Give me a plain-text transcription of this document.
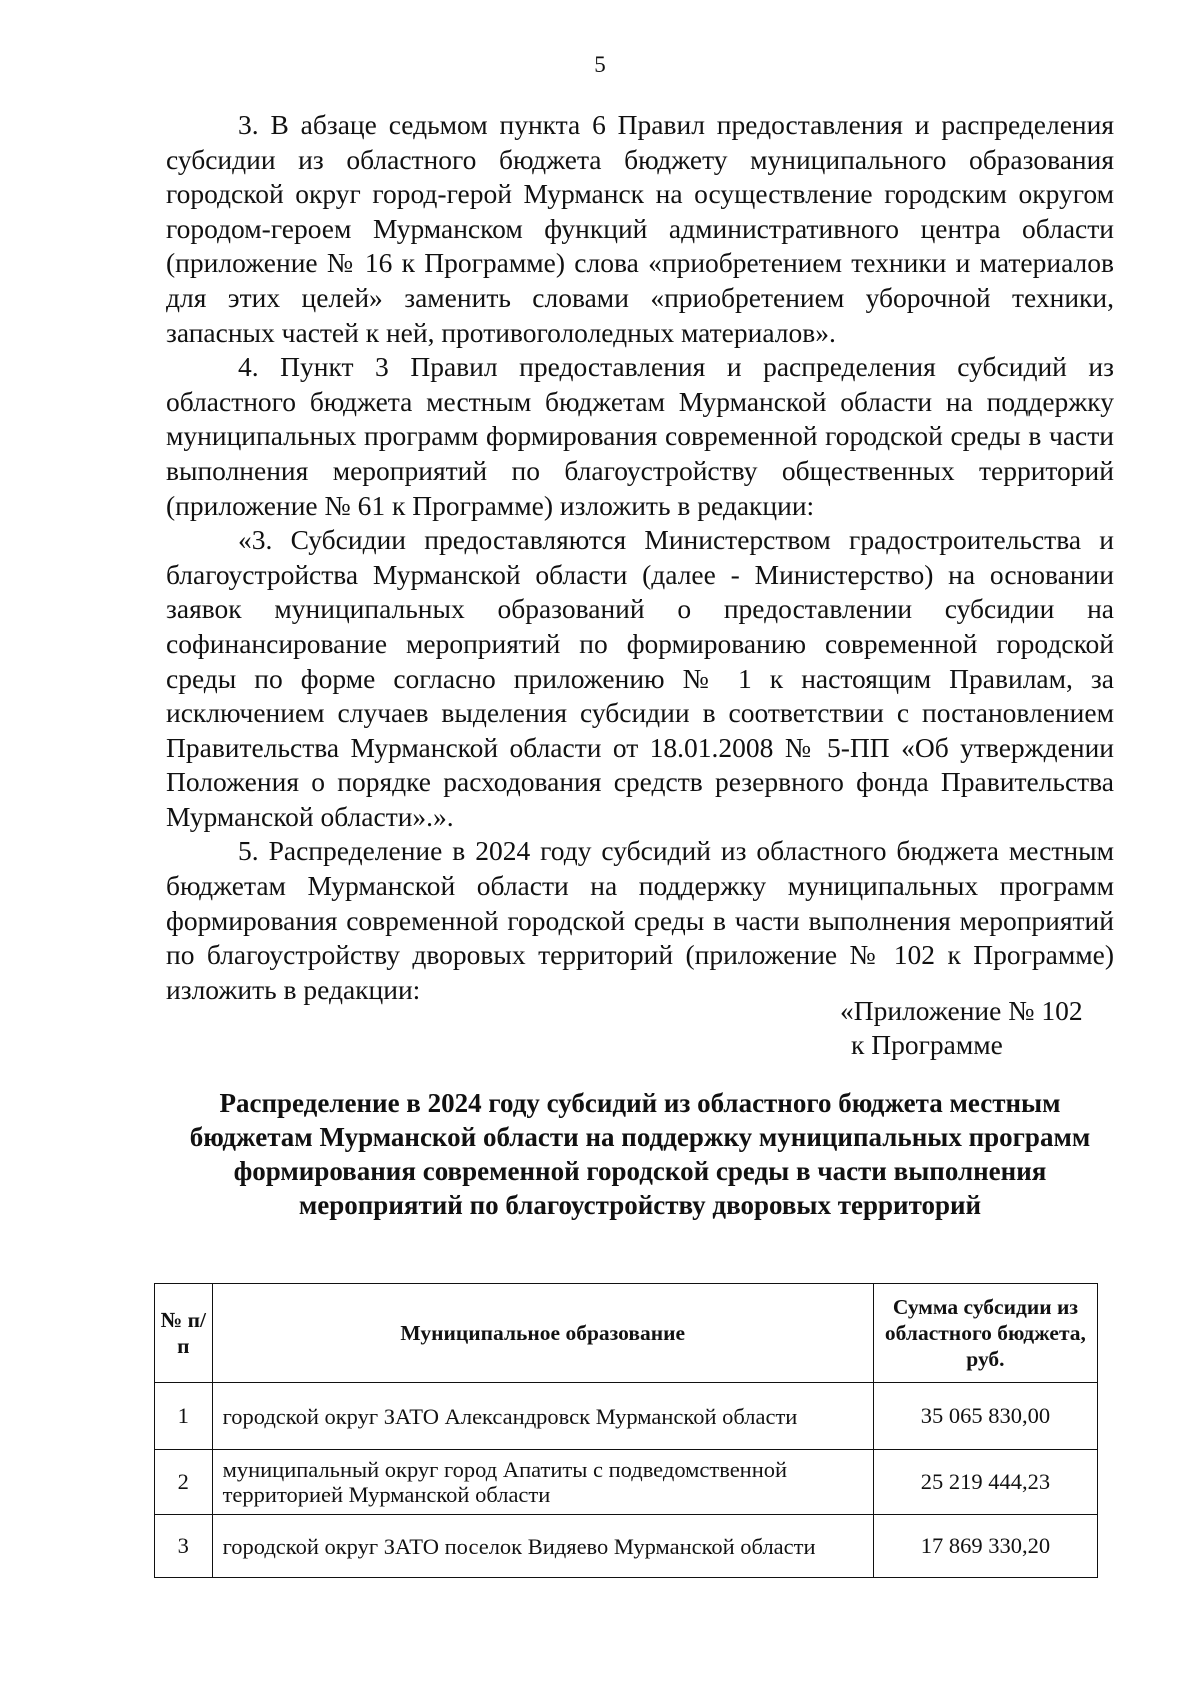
5

3. В абзаце седьмом пункта 6 Правил предоставления и распределения субсидии из областного бюджета бюджету муниципального образования городской округ город-герой Мурманск на осуществление городским округом городом-героем Мурманском функций административного центра области (приложение № 16 к Программе) слова «приобретением техники и материалов для этих целей» заменить словами «приобретением уборочной техники, запасных частей к ней, противогололедных материалов».

4. Пункт 3 Правил предоставления и распределения субсидий из областного бюджета местным бюджетам Мурманской области на поддержку муниципальных программ формирования современной городской среды в части выполнения мероприятий по благоустройству общественных территорий (приложение № 61 к Программе) изложить в редакции:

«3. Субсидии предоставляются Министерством градостроительства и благоустройства Мурманской области (далее - Министерство) на основании заявок муниципальных образований о предоставлении субсидии на софинансирование мероприятий по формированию современной городской среды по форме согласно приложению № 1 к настоящим Правилам, за исключением случаев выделения субсидии в соответствии с постановлением Правительства Мурманской области от 18.01.2008 № 5-ПП «Об утверждении Положения о порядке расходования средств резервного фонда Правительства Мурманской области».».

5. Распределение в 2024 году субсидий из областного бюджета местным бюджетам Мурманской области на поддержку муниципальных программ формирования современной городской среды в части выполнения мероприятий по благоустройству дворовых территорий (приложение № 102 к Программе) изложить в редакции:

«Приложение № 102
к Программе
Распределение в 2024 году субсидий из областного бюджета местным бюджетам Мурманской области на поддержку муниципальных программ формирования современной городской среды в части выполнения мероприятий по благоустройству дворовых территорий
№ п/п	Муниципальное образование	Сумма субсидии из областного бюджета, руб.
1	городской округ ЗАТО Александровск Мурманской области	35 065 830,00
2	муниципальный округ город Апатиты с подведомственной территорией Мурманской области	25 219 444,23
3	городской округ ЗАТО поселок Видяево Мурманской области	17 869 330,20
